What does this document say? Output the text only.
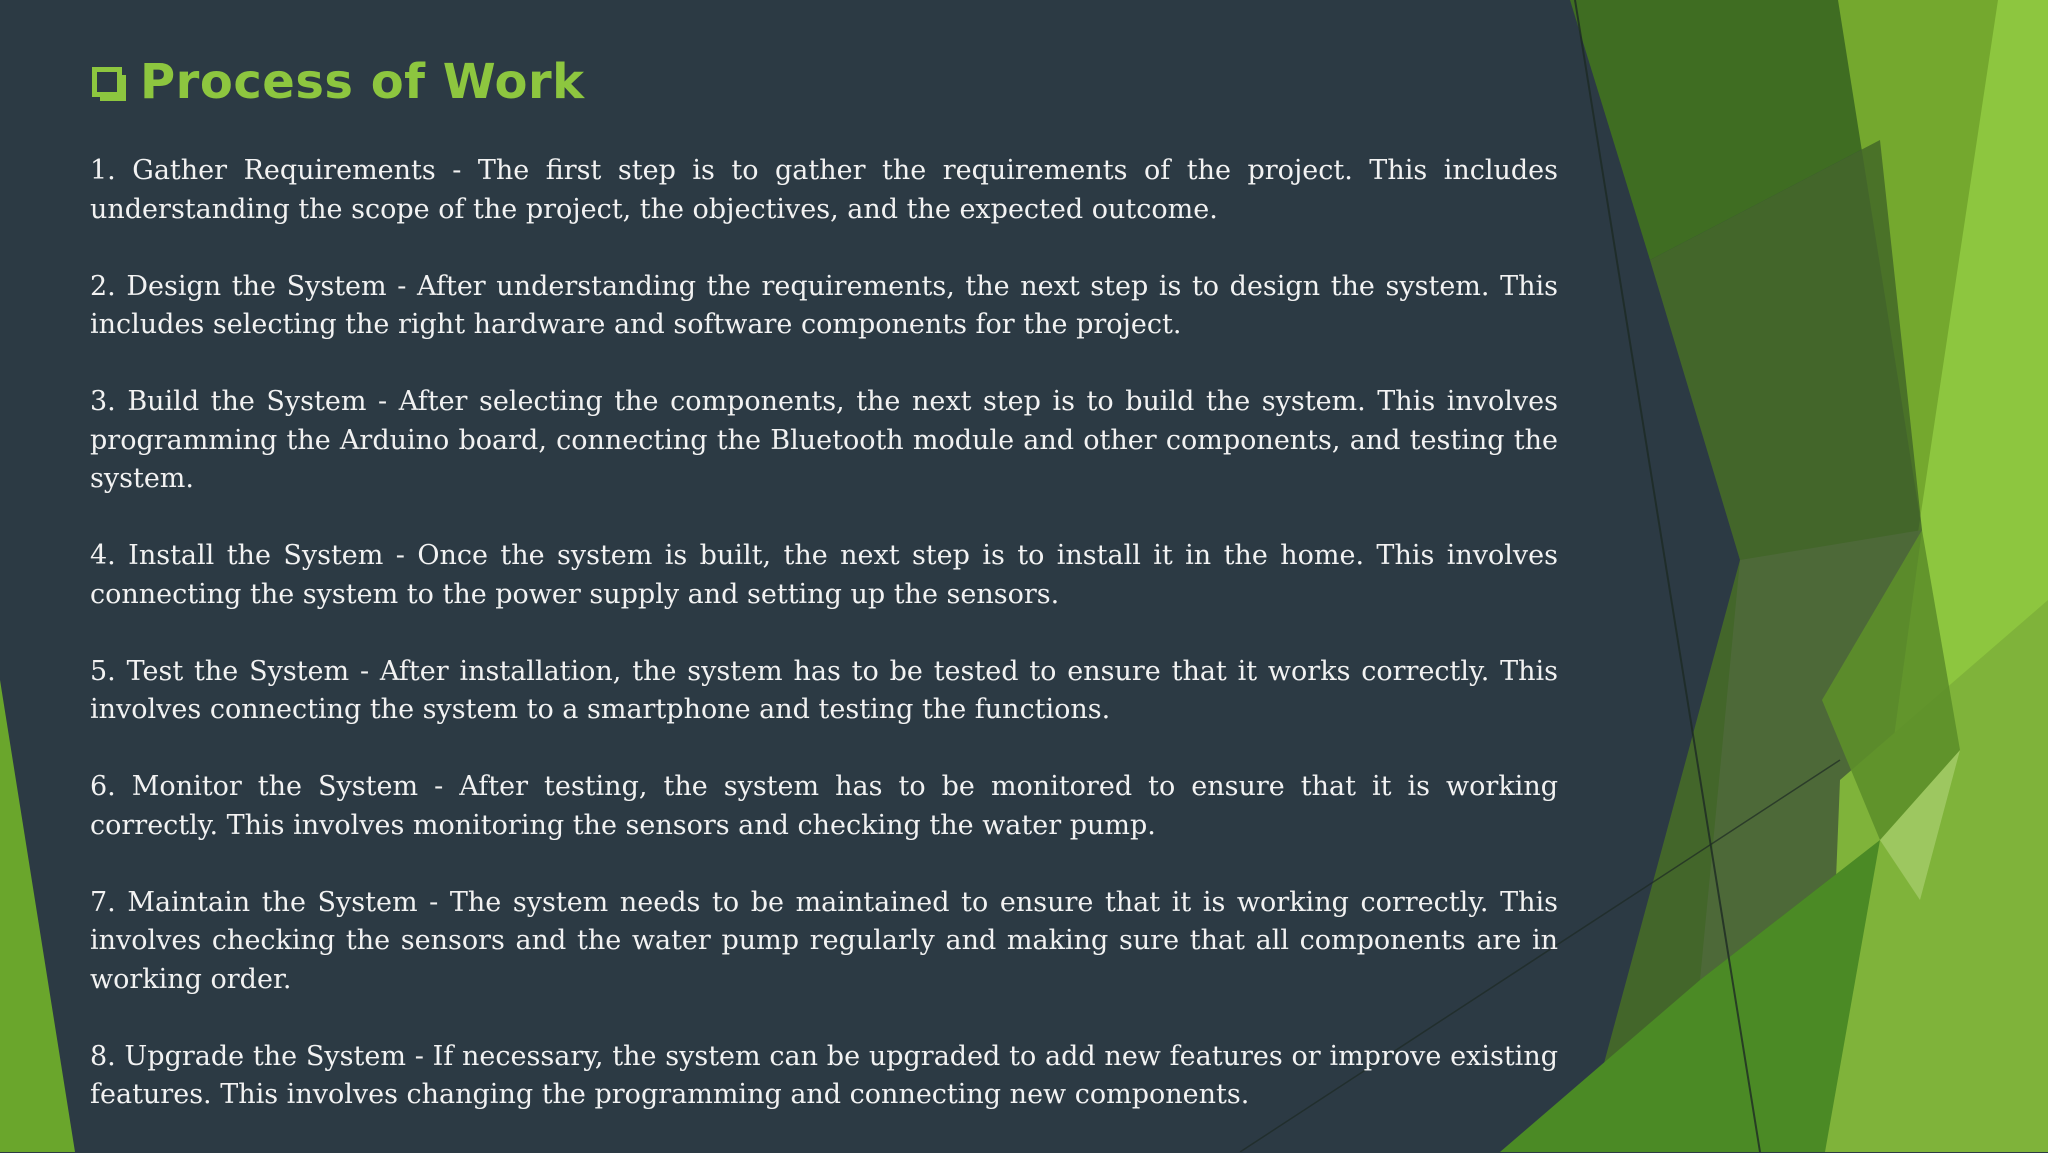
Process of Work

1. Gather Requirements - The first step is to gather the requirements of the project. This includes understanding the scope of the project, the objectives, and the expected outcome.

2. Design the System - After understanding the requirements, the next step is to design the system. This includes selecting the right hardware and software components for the project.

3. Build the System - After selecting the components, the next step is to build the system. This involves programming the Arduino board, connecting the Bluetooth module and other components, and testing the system.

4. Install the System - Once the system is built, the next step is to install it in the home. This involves connecting the system to the power supply and setting up the sensors.

5. Test the System - After installation, the system has to be tested to ensure that it works correctly. This involves connecting the system to a smartphone and testing the functions.

6. Monitor the System - After testing, the system has to be monitored to ensure that it is working correctly. This involves monitoring the sensors and checking the water pump.

7. Maintain the System - The system needs to be maintained to ensure that it is working correctly. This involves checking the sensors and the water pump regularly and making sure that all components are in working order.

8. Upgrade the System - If necessary, the system can be upgraded to add new features or improve existing features. This involves changing the programming and connecting new components.
